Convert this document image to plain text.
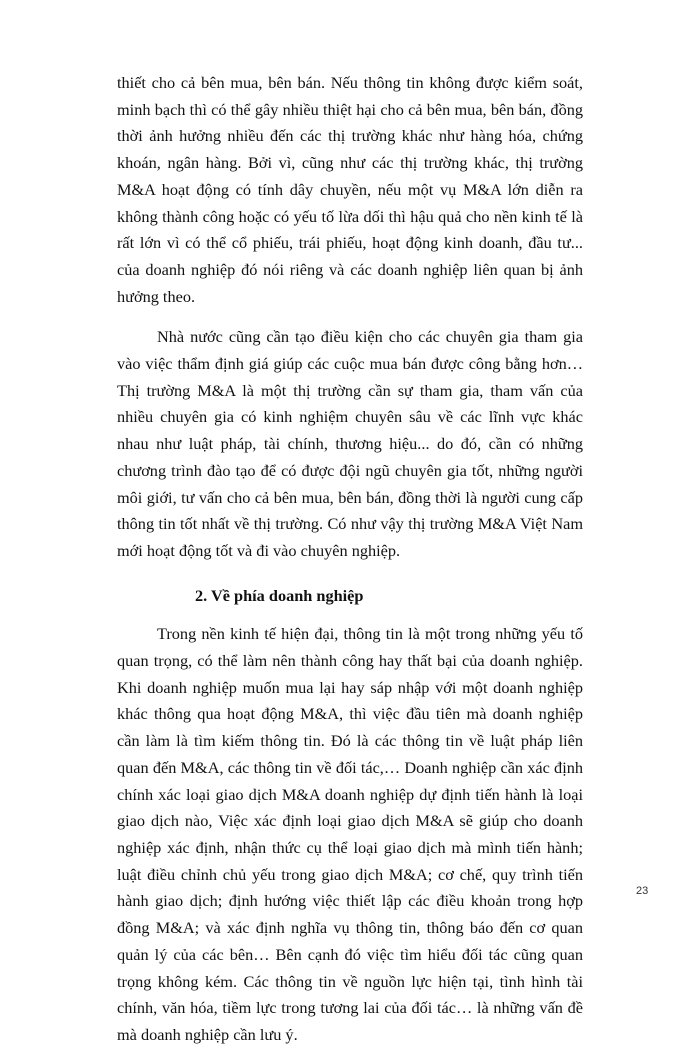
thiết cho cả bên mua, bên bán. Nếu thông tin không được kiểm soát, minh bạch thì có thể gây nhiều thiệt hại cho cả bên mua, bên bán, đồng thời ảnh hưởng nhiều đến các thị trường khác như hàng hóa, chứng khoán, ngân hàng. Bởi vì, cũng như các thị trường khác, thị trường M&A hoạt động có tính dây chuyền, nếu một vụ M&A lớn diễn ra không thành công hoặc có yếu tố lừa dối thì hậu quả cho nền kinh tế là rất lớn vì có thể cổ phiếu, trái phiếu, hoạt động kinh doanh, đầu tư... của doanh nghiệp đó nói riêng và các doanh nghiệp liên quan bị ảnh hưởng theo.

Nhà nước cũng cần tạo điều kiện cho các chuyên gia tham gia vào việc thẩm định giá giúp các cuộc mua bán được công bằng hơn… Thị trường M&A là một thị trường cần sự tham gia, tham vấn của nhiều chuyên gia có kinh nghiệm chuyên sâu về các lĩnh vực khác nhau như luật pháp, tài chính, thương hiệu... do đó, cần có những chương trình đào tạo để có được đội ngũ chuyên gia tốt, những người môi giới, tư vấn cho cả bên mua, bên bán, đồng thời là người cung cấp thông tin tốt nhất về thị trường. Có như vậy thị trường M&A Việt Nam mới hoạt động tốt và đi vào chuyên nghiệp.

2. Về phía doanh nghiệp

Trong nền kinh tế hiện đại, thông tin là một trong những yếu tố quan trọng, có thể làm nên thành công hay thất bại của doanh nghiệp. Khi doanh nghiệp muốn mua lại hay sáp nhập với một doanh nghiệp khác thông qua hoạt động M&A, thì việc đầu tiên mà doanh nghiệp cần làm là tìm kiếm thông tin. Đó là các thông tin về luật pháp liên quan đến M&A, các thông tin về đối tác,… Doanh nghiệp cần xác định chính xác loại giao dịch M&A doanh nghiệp dự định tiến hành là loại giao dịch nào, Việc xác định loại giao dịch M&A sẽ giúp cho doanh nghiệp xác định, nhận thức cụ thể loại giao dịch mà mình tiến hành; luật điều chỉnh chủ yếu trong giao dịch M&A; cơ chế, quy trình tiến hành giao dịch; định hướng việc thiết lập các điều khoản trong hợp đồng M&A; và xác định nghĩa vụ thông tin, thông báo đến cơ quan quản lý của các bên… Bên cạnh đó việc tìm hiểu đối tác cũng quan trọng không kém. Các thông tin về nguồn lực hiện tại, tình hình tài chính, văn hóa, tiềm lực trong tương lai của đối tác… là những vấn đề mà doanh nghiệp cần lưu ý.

23
